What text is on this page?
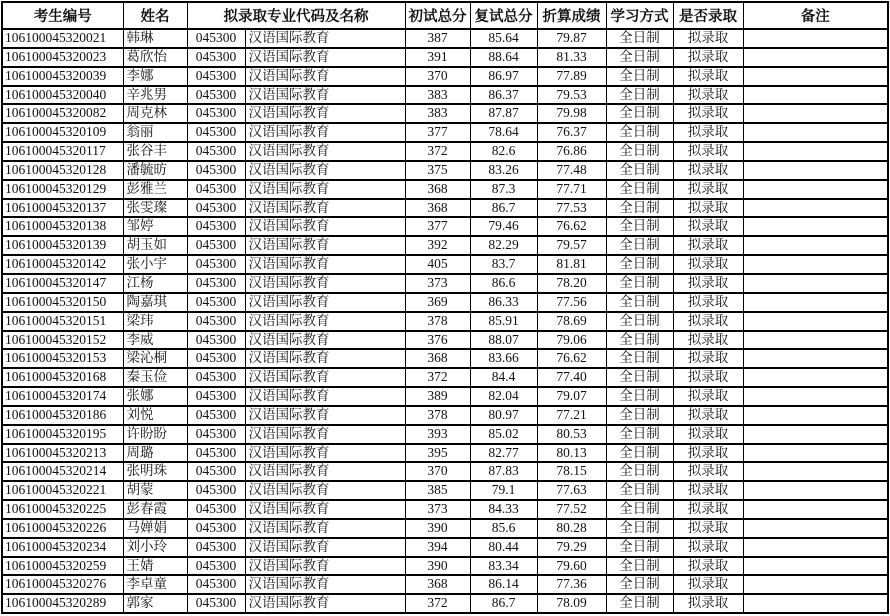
考生编号	姓名	拟录取专业代码及名称		初试总分	复试总分	折算成绩	学习方式	是否录取	备注
106100045320021	韩琳	045300	汉语国际教育	387	85.64	79.87	全日制	拟录取	
106100045320023	葛欣怡	045300	汉语国际教育	391	88.64	81.33	全日制	拟录取	
106100045320039	李娜	045300	汉语国际教育	370	86.97	77.89	全日制	拟录取	
106100045320040	辛兆男	045300	汉语国际教育	383	86.37	79.53	全日制	拟录取	
106100045320082	周克林	045300	汉语国际教育	383	87.87	79.98	全日制	拟录取	
106100045320109	翁丽	045300	汉语国际教育	377	78.64	76.37	全日制	拟录取	
106100045320117	张谷丰	045300	汉语国际教育	372	82.6	76.86	全日制	拟录取	
106100045320128	潘毓昉	045300	汉语国际教育	375	83.26	77.48	全日制	拟录取	
106100045320129	彭雅兰	045300	汉语国际教育	368	87.3	77.71	全日制	拟录取	
106100045320137	张雯璨	045300	汉语国际教育	368	86.7	77.53	全日制	拟录取	
106100045320138	邹婷	045300	汉语国际教育	377	79.46	76.62	全日制	拟录取	
106100045320139	胡玉如	045300	汉语国际教育	392	82.29	79.57	全日制	拟录取	
106100045320142	张小宇	045300	汉语国际教育	405	83.7	81.81	全日制	拟录取	
106100045320147	江杨	045300	汉语国际教育	373	86.6	78.20	全日制	拟录取	
106100045320150	陶嘉琪	045300	汉语国际教育	369	86.33	77.56	全日制	拟录取	
106100045320151	梁玮	045300	汉语国际教育	378	85.91	78.69	全日制	拟录取	
106100045320152	李威	045300	汉语国际教育	376	88.07	79.06	全日制	拟录取	
106100045320153	梁沁桐	045300	汉语国际教育	368	83.66	76.62	全日制	拟录取	
106100045320168	秦玉俭	045300	汉语国际教育	372	84.4	77.40	全日制	拟录取	
106100045320174	张娜	045300	汉语国际教育	389	82.04	79.07	全日制	拟录取	
106100045320186	刘悦	045300	汉语国际教育	378	80.97	77.21	全日制	拟录取	
106100045320195	许盼盼	045300	汉语国际教育	393	85.02	80.53	全日制	拟录取	
106100045320213	周璐	045300	汉语国际教育	395	82.77	80.13	全日制	拟录取	
106100045320214	张明珠	045300	汉语国际教育	370	87.83	78.15	全日制	拟录取	
106100045320221	胡蒙	045300	汉语国际教育	385	79.1	77.63	全日制	拟录取	
106100045320225	彭春霞	045300	汉语国际教育	373	84.33	77.52	全日制	拟录取	
106100045320226	马婵娟	045300	汉语国际教育	390	85.6	80.28	全日制	拟录取	
106100045320234	刘小玲	045300	汉语国际教育	394	80.44	79.29	全日制	拟录取	
106100045320259	王婧	045300	汉语国际教育	390	83.34	79.60	全日制	拟录取	
106100045320276	李卓童	045300	汉语国际教育	368	86.14	77.36	全日制	拟录取	
106100045320289	郭家	045300	汉语国际教育	372	86.7	78.09	全日制	拟录取	
